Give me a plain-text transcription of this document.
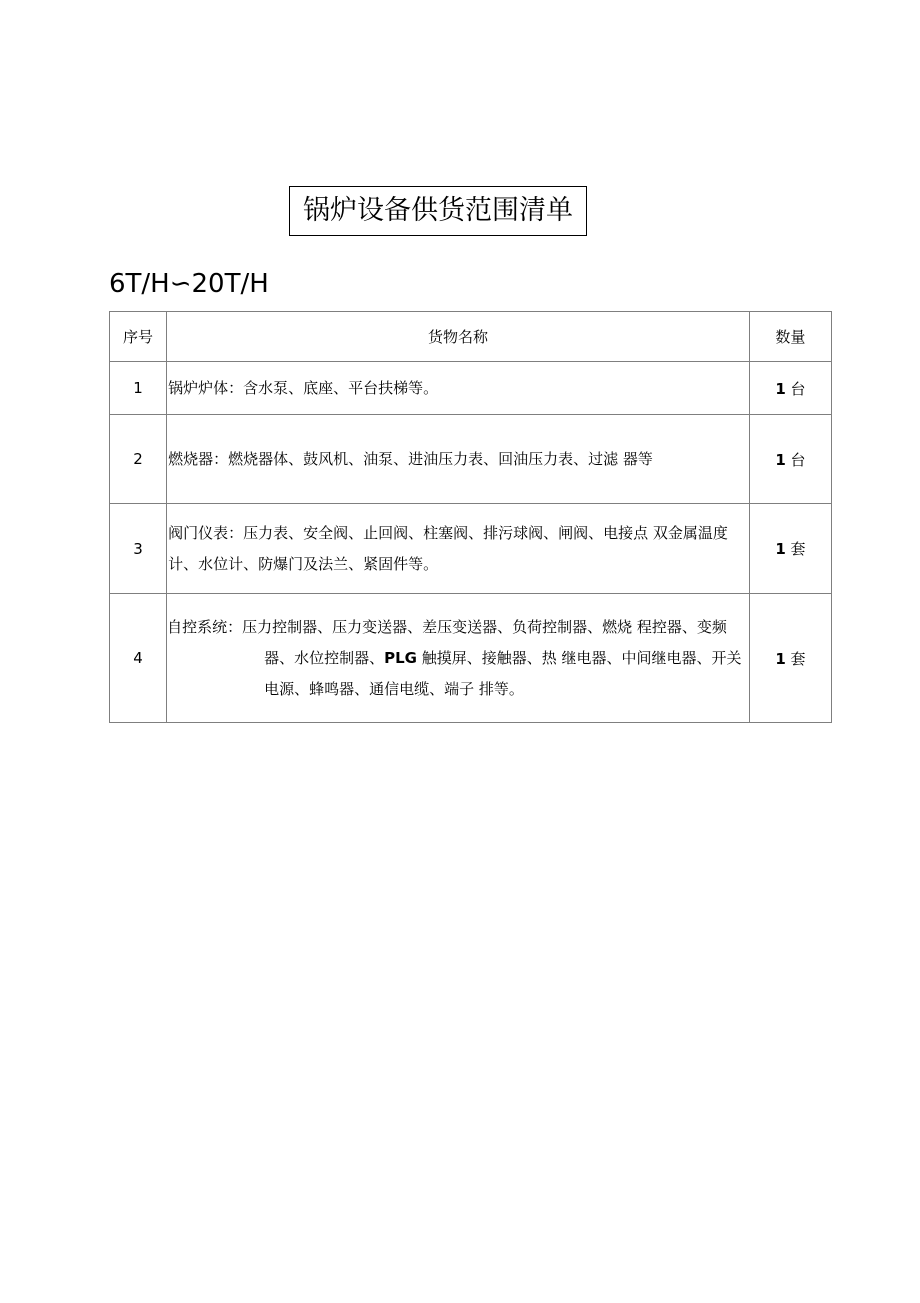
锅炉设备供货范围清单
6T/H∽20T/H
序号	货物名称	数量
1	锅炉炉体：含水泵、底座、平台扶梯等。	1 台
2	燃烧器：燃烧器体、鼓风机、油泵、进油压力表、回油压力表、过滤 器等	1 台
3	阀门仪表：压力表、安全阀、止回阀、柱塞阀、排污球阀、闸阀、电接点 双金属温度计、水位计、防爆门及法兰、紧固件等。	1 套
4	自控系统：压力控制器、压力变送器、差压变送器、负荷控制器、燃烧 程控器、变频器、水位控制器、PLG 触摸屏、接触器、热 继电器、中间继电器、开关电源、蜂鸣器、通信电缆、端子 排等。	1 套
